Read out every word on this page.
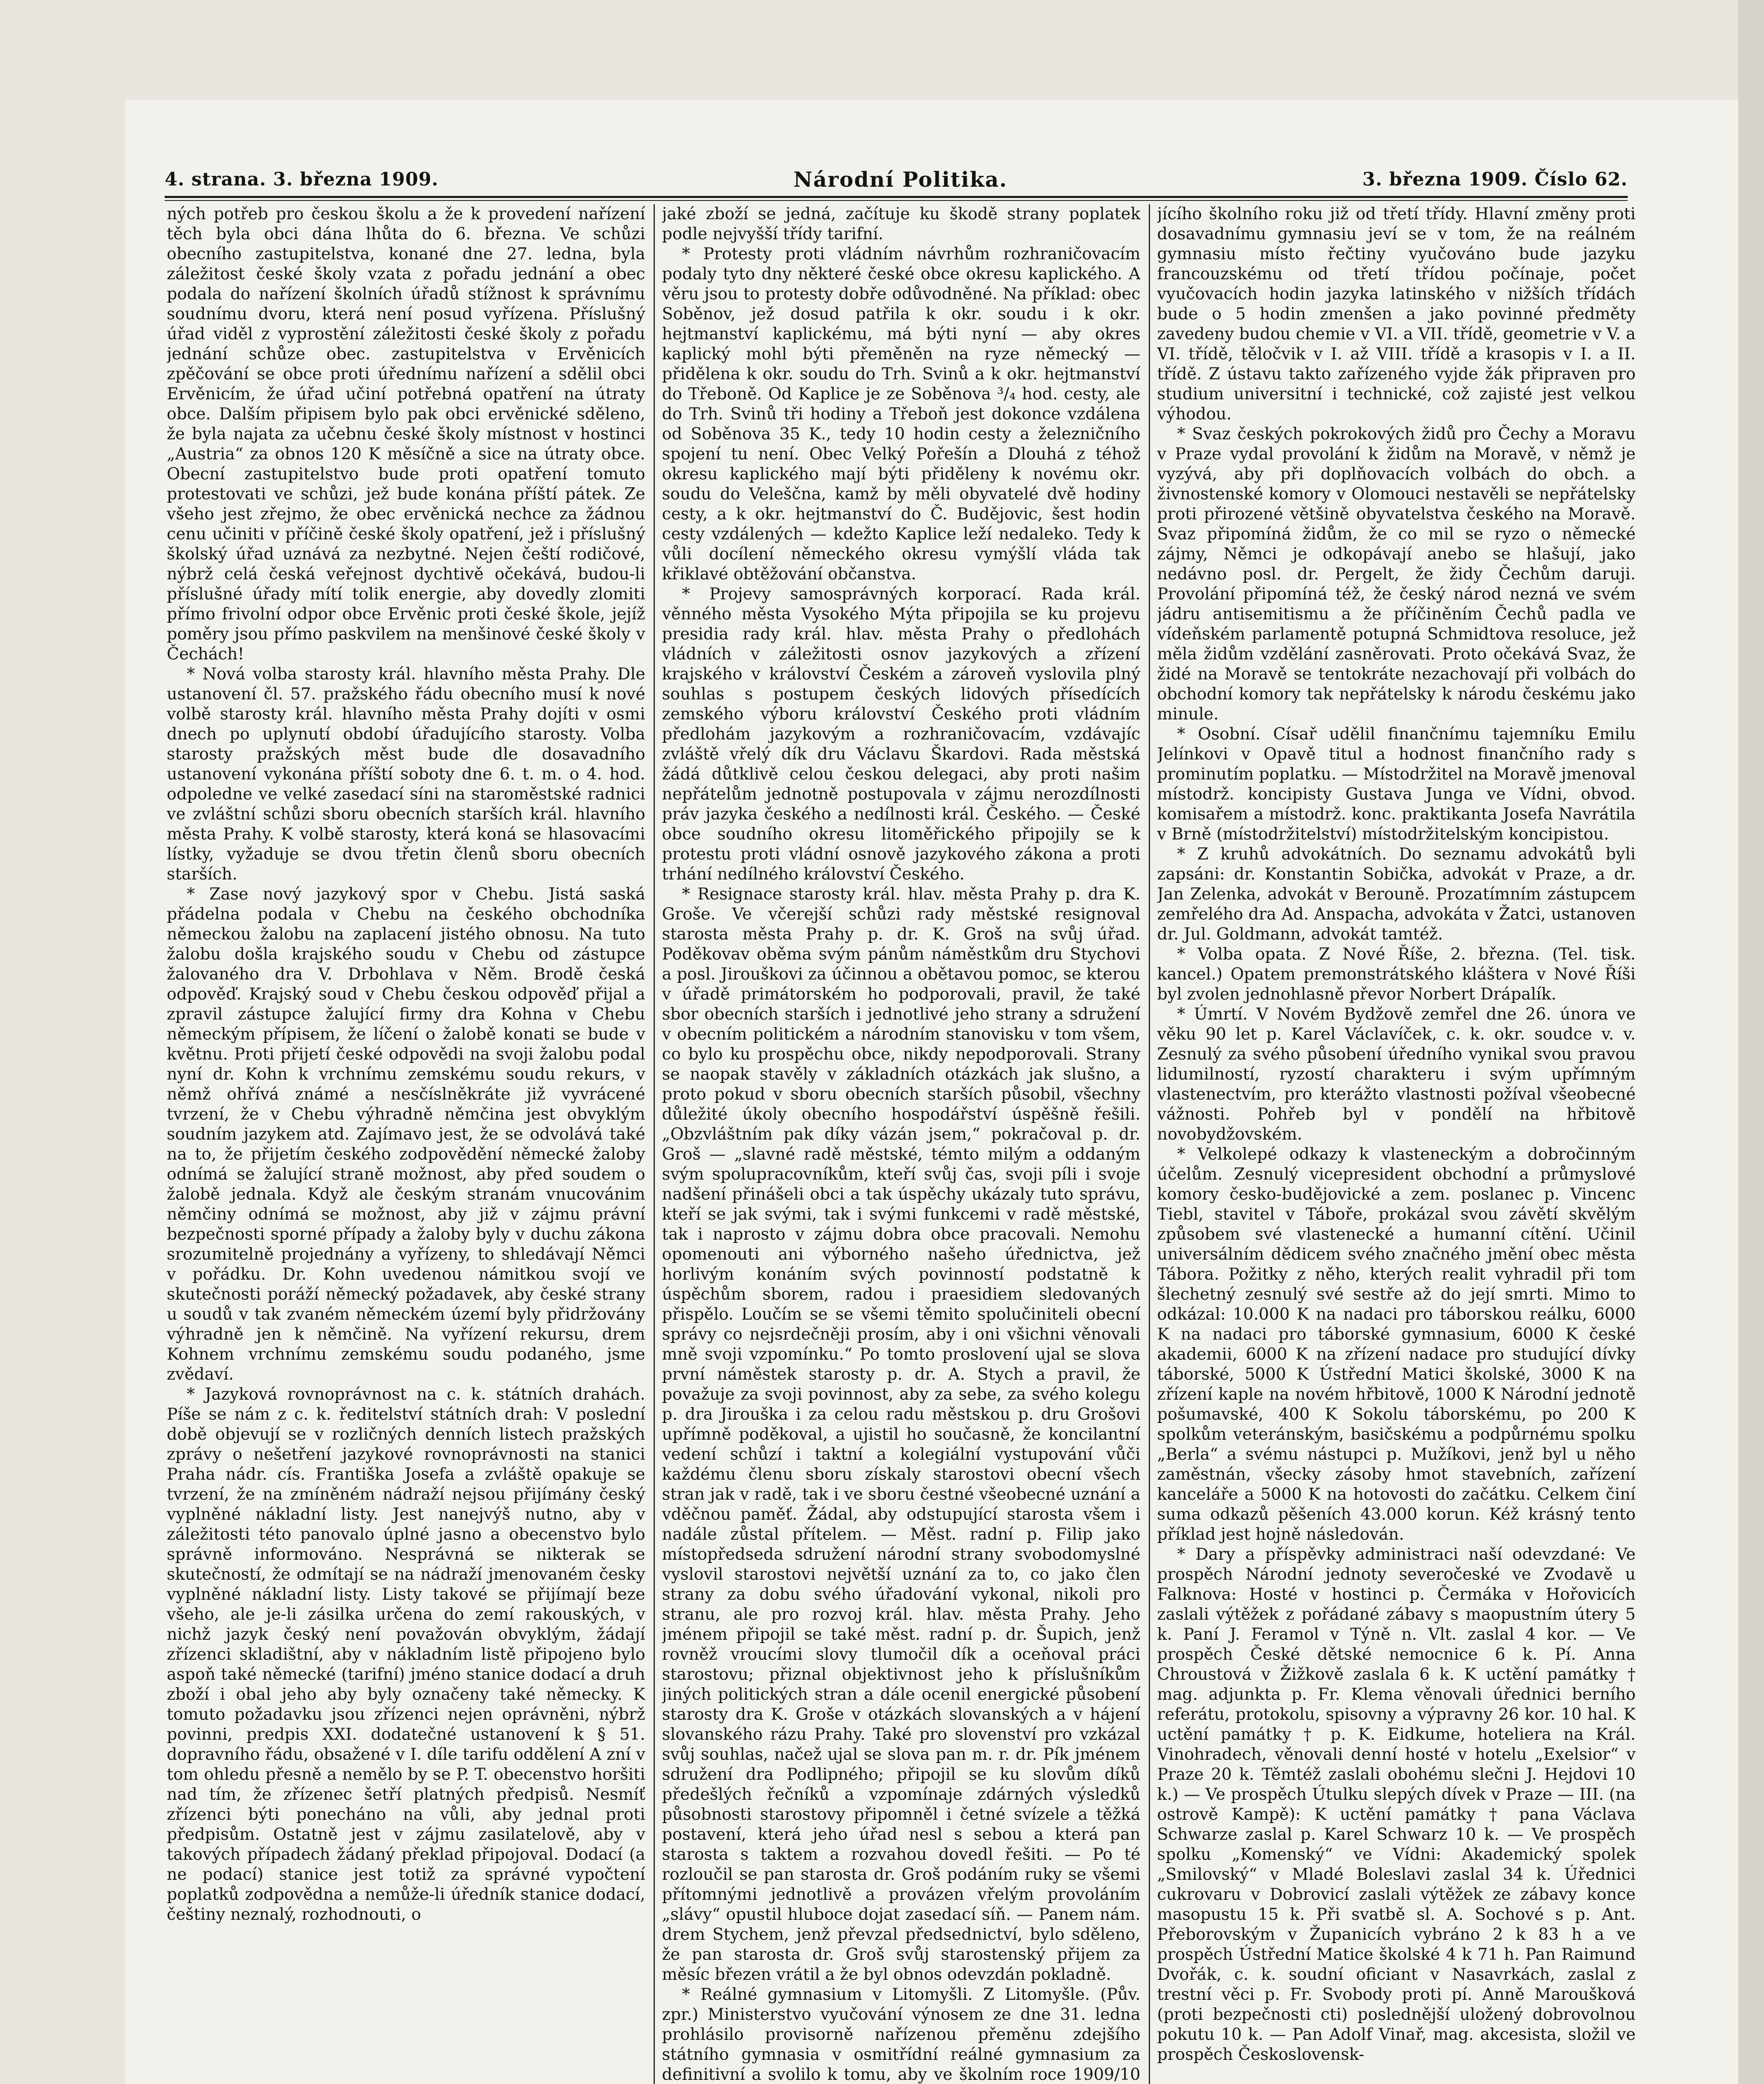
4. strana. 3. března 1909.	Národní Politika.	3. března 1909. Číslo 62.

ných potřeb pro českou školu a že k provedení nařízení těch byla obci dána lhůta do 6. března. Ve schůzi obecního zastupitelstva, konané dne 27. ledna, byla záležitost české školy vzata z pořadu jednání a obec podala do nařízení školních úřadů stížnost k správnímu soudnímu dvoru, která není posud vyřízena. Příslušný úřad viděl z vyprostění záležitosti české školy z pořadu jednání schůze obec. zastupitelstva v Ervěnicích zpěčování se obce proti úřednímu nařízení a sdělil obci Ervěnicím, že úřad učiní potřebná opatření na útraty obce. Dalším připisem bylo pak obci ervěnické sděleno, že byla najata za učebnu české školy místnost v hostinci „Austria“ za obnos 120 K měsíčně a sice na útraty obce. Obecní zastupitelstvo bude proti opatření tomuto protestovati ve schůzi, jež bude konána příští pátek. Ze všeho jest zřejmo, že obec ervěnická nechce za žádnou cenu učiniti v příčině české školy opatření, jež i příslušný školský úřad uznává za nezbytné. Nejen čeští rodičové, nýbrž celá česká veřejnost dychtivě očekává, budou-li příslušné úřady mítí tolik energie, aby dovedly zlomiti přímo frivolní odpor obce Ervěnic proti české škole, jejíž poměry jsou přímo paskvilem na menšinové české školy v Čechách!

* Nová volba starosty král. hlavního města Prahy. Dle ustanovení čl. 57. pražského řádu obecního musí k nové volbě starosty král. hlavního města Prahy dojíti v osmi dnech po uplynutí období úřadujícího starosty. Volba starosty pražských měst bude dle dosavadního ustanovení vykonána příští soboty dne 6. t. m. o 4. hod. odpoledne ve velké zasedací síni na staroměstské radnici ve zvláštní schůzi sboru obecních starších král. hlavního města Prahy. K volbě starosty, která koná se hlasovacími lístky, vyžaduje se dvou třetin členů sboru obecních starších.

* Zase nový jazykový spor v Chebu. Jistá saská přádelna podala v Chebu na českého obchodníka německou žalobu na zaplacení jistého obnosu. Na tuto žalobu došla krajského soudu v Chebu od zástupce žalovaného dra V. Drbohlava v Něm. Brodě česká odpověď. Krajský soud v Chebu českou odpověď přijal a zpravil zástupce žalující firmy dra Kohna v Chebu německým přípisem, že líčení o žalobě konati se bude v květnu. Proti přijetí české odpovědi na svoji žalobu podal nyní dr. Kohn k vrchnímu zemskému soudu rekurs, v němž ohřívá známé a nesčíslněkráte již vyvrácené tvrzení, že v Chebu výhradně němčina jest obvyklým soudním jazykem atd. Zajímavo jest, že se odvolává také na to, že přijetím českého zodpovědění německé žaloby odnímá se žalující straně možnost, aby před soudem o žalobě jednala. Když ale českým stranám vnucovánim němčiny odnímá se možnost, aby již v zájmu právní bezpečnosti sporné případy a žaloby byly v duchu zákona srozumitelně projednány a vyřízeny, to shledávají Němci v pořádku. Dr. Kohn uvedenou námitkou svojí ve skutečnosti poráží německý požadavek, aby české strany u soudů v tak zvaném německém území byly přidržovány výhradně jen k němčině. Na vyřízení rekursu, drem Kohnem vrchnímu zemskému soudu podaného, jsme zvědaví.

* Jazyková rovnoprávnost na c. k. státních drahách. Píše se nám z c. k. ředitelství státních drah: V poslední době objevují se v rozličných denních listech pražských zprávy o nešetření jazykové rovnoprávnosti na stanici Praha nádr. cís. Františka Josefa a zvláště opakuje se tvrzení, že na zmíněném nádraží nejsou přijímány český vyplněné nákladní listy. Jest nanejvýš nutno, aby v záležitosti této panovalo úplné jasno a obecenstvo bylo správně informováno. Nesprávná se nikterak se skutečností, že odmítají se na nádraží jmenovaném česky vyplněné nákladní listy. Listy takové se přijímají beze všeho, ale je-li zásilka určena do zemí rakouských, v nichž jazyk český není považován obvyklým, žádají zřízenci skladištní, aby v nákladním listě připojeno bylo aspoň také německé (tarifní) jméno stanice dodací a druh zboží i obal jeho aby byly označeny také německy. K tomuto požadavku jsou zřízenci nejen oprávněni, nýbrž povinni, predpis XXI. dodatečné ustanovení k § 51. dopravního řádu, obsažené v I. díle tarifu oddělení A zní v tom ohledu přesně a nemělo by se P. T. obecenstvo horšiti nad tím, že zřízenec šetří platných předpisů. Nesmíť zřízenci býti ponecháno na vůli, aby jednal proti předpisům. Ostatně jest v zájmu zasilatelově, aby v takových případech žádaný překlad připojoval. Dodací (a ne podací) stanice jest totiž za správné vypočtení poplatků zodpovědna a nemůže-li úředník stanice dodací, češtiny neznalý, rozhodnouti, o

jaké zboží se jedná, začítuje ku škodě strany poplatek podle nejvyšší třídy tarifní.

* Protesty proti vládním návrhům rozhraničovacím podaly tyto dny některé české obce okresu kaplického. A věru jsou to protesty dobře odůvodněné. Na příklad: obec Soběnov, jež dosud patřila k okr. soudu i k okr. hejtmanství kaplickému, má býti nyní — aby okres kaplický mohl býti přeměněn na ryze německý — přidělena k okr. soudu do Trh. Svinů a k okr. hejtmanství do Třeboně. Od Kaplice je ze Soběnova ³/₄ hod. cesty, ale do Trh. Svinů tři hodiny a Třeboň jest dokonce vzdálena od Soběnova 35 K., tedy 10 hodin cesty a železničního spojení tu není. Obec Velký Pořešín a Dlouhá z téhož okresu kaplického mají býti přiděleny k novému okr. soudu do Veleščna, kamž by měli obyvatelé dvě hodiny cesty, a k okr. hejtmanství do Č. Budějovic, šest hodin cesty vzdálených — kdežto Kaplice leží nedaleko. Tedy k vůli docílení německého okresu vymýšlí vláda tak křiklavé obtěžování občanstva.

* Projevy samosprávných korporací. Rada král. věnného města Vysokého Mýta připojila se ku projevu presidia rady král. hlav. města Prahy o předlohách vládních v záležitosti osnov jazykových a zřízení krajského v království Českém a zároveň vyslovila plný souhlas s postupem českých lidových přísedících zemského výboru království Českého proti vládním předlohám jazykovým a rozhraničovacím, vzdávajíc zvláště vřelý dík dru Václavu Škardovi. Rada městská žádá důtklivě celou českou delegaci, aby proti našim nepřátelům jednotně postupovala v zájmu nerozdílnosti práv jazyka českého a nedílnosti král. Českého. — České obce soudního okresu litoměřického připojily se k protestu proti vládní osnově jazykového zákona a proti trhání nedílného království Českého.

* Resignace starosty král. hlav. města Prahy p. dra K. Groše. Ve včerejší schůzi rady městské resignoval starosta města Prahy p. dr. K. Groš na svůj úřad. Poděkovav oběma svým pánům náměstkům dru Stychovi a posl. Jirouškovi za účinnou a obětavou pomoc, se kterou v úřadě primátorském ho podporovali, pravil, že také sbor obecních starších i jednotlivé jeho strany a sdružení v obecním politickém a národním stanovisku v tom všem, co bylo ku prospěchu obce, nikdy nepodporovali. Strany se naopak stavěly v základních otázkách jak slušno, a proto pokud v sboru obecních starších působil, všechny důležité úkoly obecního hospodářství úspěšně řešili. „Obzvláštním pak díky vázán jsem,“ pokračoval p. dr. Groš — „slavné radě městské, témto milým a oddaným svým spolupracovníkům, kteří svůj čas, svoji píli i svoje nadšení přinášeli obci a tak úspěchy ukázaly tuto správu, kteří se jak svými, tak i svými funkcemi v radě městské, tak i naprosto v zájmu dobra obce pracovali. Nemohu opomenouti ani výborného našeho úřednictva, jež horlivým konáním svých povinností podstatně k úspěchům sborem, radou i praesidiem sledovaných přispělo. Loučím se se všemi těmito spolučiniteli obecní správy co nejsrdečněji prosím, aby i oni všichni věnovali mně svoji vzpomínku.“ Po tomto proslovení ujal se slova první náměstek starosty p. dr. A. Stych a pravil, že považuje za svoji povinnost, aby za sebe, za svého kolegu p. dra Jirouška i za celou radu městskou p. dru Grošovi upřímně poděkoval, a ujistil ho současně, že koncilantní vedení schůzí i taktní a kolegiální vystupování vůči každému členu sboru získaly starostovi obecní všech stran jak v radě, tak i ve sboru čestné všeobecné uznání a vděčnou paměť. Žádal, aby odstupující starosta všem i nadále zůstal přítelem. — Měst. radní p. Filip jako místopředseda sdružení národní strany svobodomyslné vyslovil starostovi největší uznání za to, co jako člen strany za dobu svého úřadování vykonal, nikoli pro stranu, ale pro rozvoj král. hlav. města Prahy. Jeho jménem připojil se také měst. radní p. dr. Šupich, jenž rovněž vroucími slovy tlumočil dík a oceňoval práci starostovu; přiznal objektivnost jeho k příslušníkům jiných politických stran a dále ocenil energické působení starosty dra K. Groše v otázkách slovanských a v hájení slovanského rázu Prahy. Také pro slovenství pro vzkázal svůj souhlas, načež ujal se slova pan m. r. dr. Pík jménem sdružení dra Podlipného; připojil se ku slovům díků předešlých řečníků a vzpomínaje zdárných výsledků působnosti starostovy připomněl i četné svízele a těžká postavení, která jeho úřad nesl s sebou a která pan starosta s taktem a rozvahou dovedl řešiti. — Po té rozloučil se pan starosta dr. Groš podáním ruky se všemi přítomnými jednotlivě a provázen vřelým provoláním „slávy“ opustil hluboce dojat zasedací síň. — Panem nám. drem Stychem, jenž převzal předsednictví, bylo sděleno, že pan starosta dr. Groš svůj starostenský přijem za měsíc březen vrátil a že byl obnos odevzdán pokladně.

* Reálné gymnasium v Litomyšli. Z Litomyšle. (Pův. zpr.) Ministerstvo vyučování výnosem ze dne 31. ledna prohlásilo provisorně nařízenou přeměnu zdejšího státního gymnasia v osmitřídní reálné gymnasium za definitivní a svolilo k tomu, aby ve školním roce 1909/10

jícího školního roku již od třetí třídy. Hlavní změny proti dosavadnímu gymnasiu jeví se v tom, že na reálném gymnasiu místo řečtiny vyučováno bude jazyku francouzskému od třetí třídou počínaje, počet vyučovacích hodin jazyka latinského v nižších třídách bude o 5 hodin zmenšen a jako povinné předměty zavedeny budou chemie v VI. a VII. třídě, geometrie v V. a VI. třídě, těločvik v I. až VIII. třídě a krasopis v I. a II. třídě. Z ústavu takto zařízeného vyjde žák připraven pro studium universitní i technické, což zajisté jest velkou výhodou.

* Svaz českých pokrokových židů pro Čechy a Moravu v Praze vydal provolání k židům na Moravě, v němž je vyzývá, aby při doplňovacích volbách do obch. a živnostenské komory v Olomouci nestavěli se nepřátelsky proti přirozené většině obyvatelstva českého na Moravě. Svaz připomíná židům, že co mil se ryzo o německé zájmy, Němci je odkopávají anebo se hlašují, jako nedávno posl. dr. Pergelt, že židy Čechům daruji. Provolání připomíná též, že český národ nezná ve svém jádru antisemitismu a že příčiněním Čechů padla ve vídeňském parlamentě potupná Schmidtova resoluce, jež měla židům vzdělání zasněrovati. Proto očekává Svaz, že židé na Moravě se tentokráte nezachovají při volbách do obchodní komory tak nepřátelsky k národu českému jako minule.

* Osobní. Císař udělil finančnímu tajemníku Emilu Jelínkovi v Opavě titul a hodnost finančního rady s prominutím poplatku. — Místodržitel na Moravě jmenoval místodrž. koncipisty Gustava Junga ve Vídni, obvod. komisařem a místodrž. konc. praktikanta Josefa Navrátila v Brně (místodržitelství) místodržitelským koncipistou.

* Z kruhů advokátních. Do seznamu advokátů byli zapsáni: dr. Konstantin Sobička, advokát v Praze, a dr. Jan Zelenka, advokát v Berouně. Prozatímním zástupcem zemřelého dra Ad. Anspacha, advokáta v Žatci, ustanoven dr. Jul. Goldmann, advokát tamtéž.

* Volba opata. Z Nové Říše, 2. března. (Tel. tisk. kancel.) Opatem premonstrátského kláštera v Nové Říši byl zvolen jednohlasně převor Norbert Drápalík.

* Úmrtí. V Novém Bydžově zemřel dne 26. února ve věku 90 let p. Karel Václavíček, c. k. okr. soudce v. v. Zesnulý za svého působení úředního vynikal svou pravou lidumilností, ryzostí charakteru i svým upřímným vlastenectvím, pro kterážto vlastnosti požíval všeobecné vážnosti. Pohřeb byl v pondělí na hřbitově novobydžovském.

* Velkolepé odkazy k vlasteneckým a dobročinným účelům. Zesnulý vicepresident obchodní a průmyslové komory česko-budějovické a zem. poslanec p. Vincenc Tiebl, stavitel v Táboře, prokázal svou závětí skvělým způsobem své vlastenecké a humanní cítění. Učinil universálním dědicem svého značného jmění obec města Tábora. Požitky z něho, kterých realit vyhradil při tom šlechetný zesnulý své sestře až do její smrti. Mimo to odkázal: 10.000 K na nadaci pro táborskou reálku, 6000 K na nadaci pro táborské gymnasium, 6000 K české akademii, 6000 K na zřízení nadace pro studující dívky táborské, 5000 K Ústřední Matici školské, 3000 K na zřízení kaple na novém hřbitově, 1000 K Národní jednotě pošumavské, 400 K Sokolu táborskému, po 200 K spolkům veteránským, basičskému a podpůrnému spolku „Berla“ a svému nástupci p. Mužíkovi, jenž byl u něho zaměstnán, všecky zásoby hmot stavebních, zařízení kanceláře a 5000 K na hotovosti do začátku. Celkem činí suma odkazů pěšeních 43.000 korun. Kéž krásný tento příklad jest hojně následován.

* Dary a příspěvky administraci naší odevzdané: Ve prospěch Národní jednoty severočeské ve Zvodavě u Falknova: Hosté v hostinci p. Čermáka v Hořovicích zaslali výtěžek z pořádané zábavy s maopustním útery 5 k. Paní J. Feramol v Týně n. Vlt. zaslal 4 kor. — Ve prospěch České dětské nemocnice 6 k. Pí. Anna Chroustová v Žižkově zaslala 6 k. K uctění památky † mag. adjunkta p. Fr. Klema věnovali úřednici berního referátu, protokolu, spisovny a výpravny 26 kor. 10 hal. K uctění památky † p. K. Eidkume, hoteliera na Král. Vinohradech, věnovali denní hosté v hotelu „Exelsior“ v Praze 20 k. Těmtéž zaslali obohému slečni J. Hejdovi 10 k.) — Ve prospěch Útulku slepých dívek v Praze — III. (na ostrově Kampě): K uctění památky † pana Václava Schwarze zaslal p. Karel Schwarz 10 k. — Ve prospěch spolku „Komenský“ ve Vídni: Akademický spolek „Smilovský“ v Mladé Boleslavi zaslal 34 k. Úřednici cukrovaru v Dobrovicí zaslali výtěžek ze zábavy konce masopustu 15 k. Při svatbě sl. A. Sochové s p. Ant. Přeborovským v Županicích vybráno 2 k 83 h a ve prospěch Ústřední Matice školské 4 k 71 h. Pan Raimund Dvořák, c. k. soudní oficiant v Nasavrkách, zaslal z trestní věci p. Fr. Svobody proti pí. Anně Maroušková (proti bezpečnosti cti) poslednější uložený dobrovolnou pokutu 10 k. — Pan Adolf Vinař, mag. akcesista, složil ve prospěch Československ-
